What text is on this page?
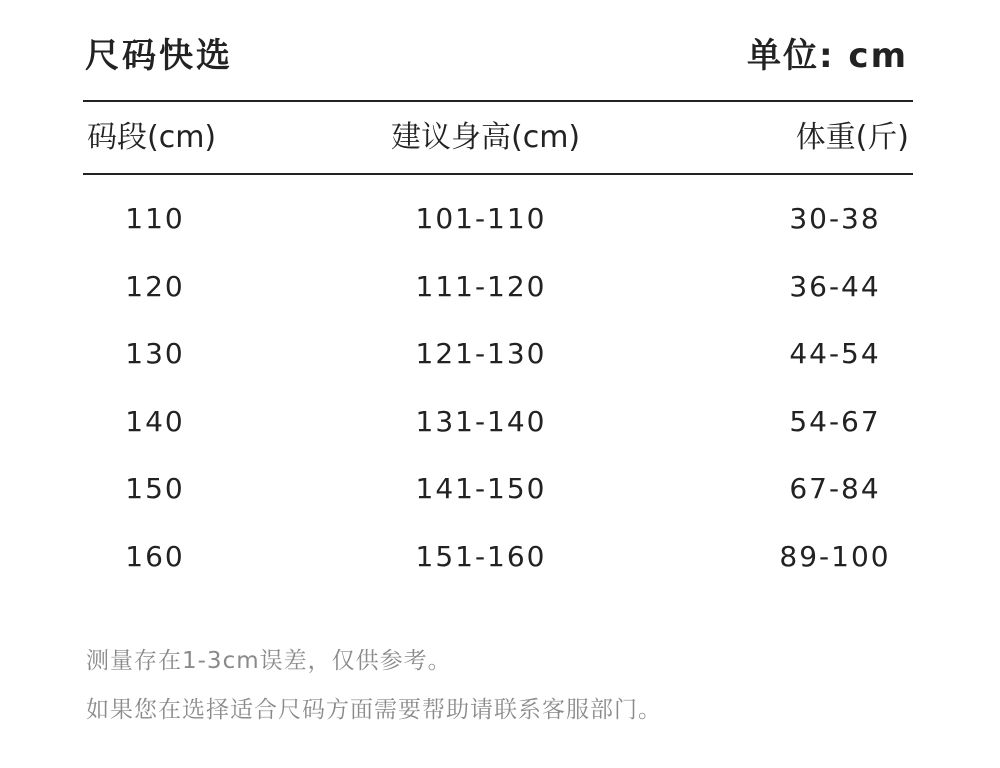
尺码快选	单位: cm
码段(cm)	建议身高(cm)	体重(斤)
110	101-110	30-38
120	111-120	36-44
130	121-130	44-54
140	131-140	54-67
150	141-150	67-84
160	151-160	89-100
测量存在1-3cm误差，仅供参考。
如果您在选择适合尺码方面需要帮助请联系客服部门。
